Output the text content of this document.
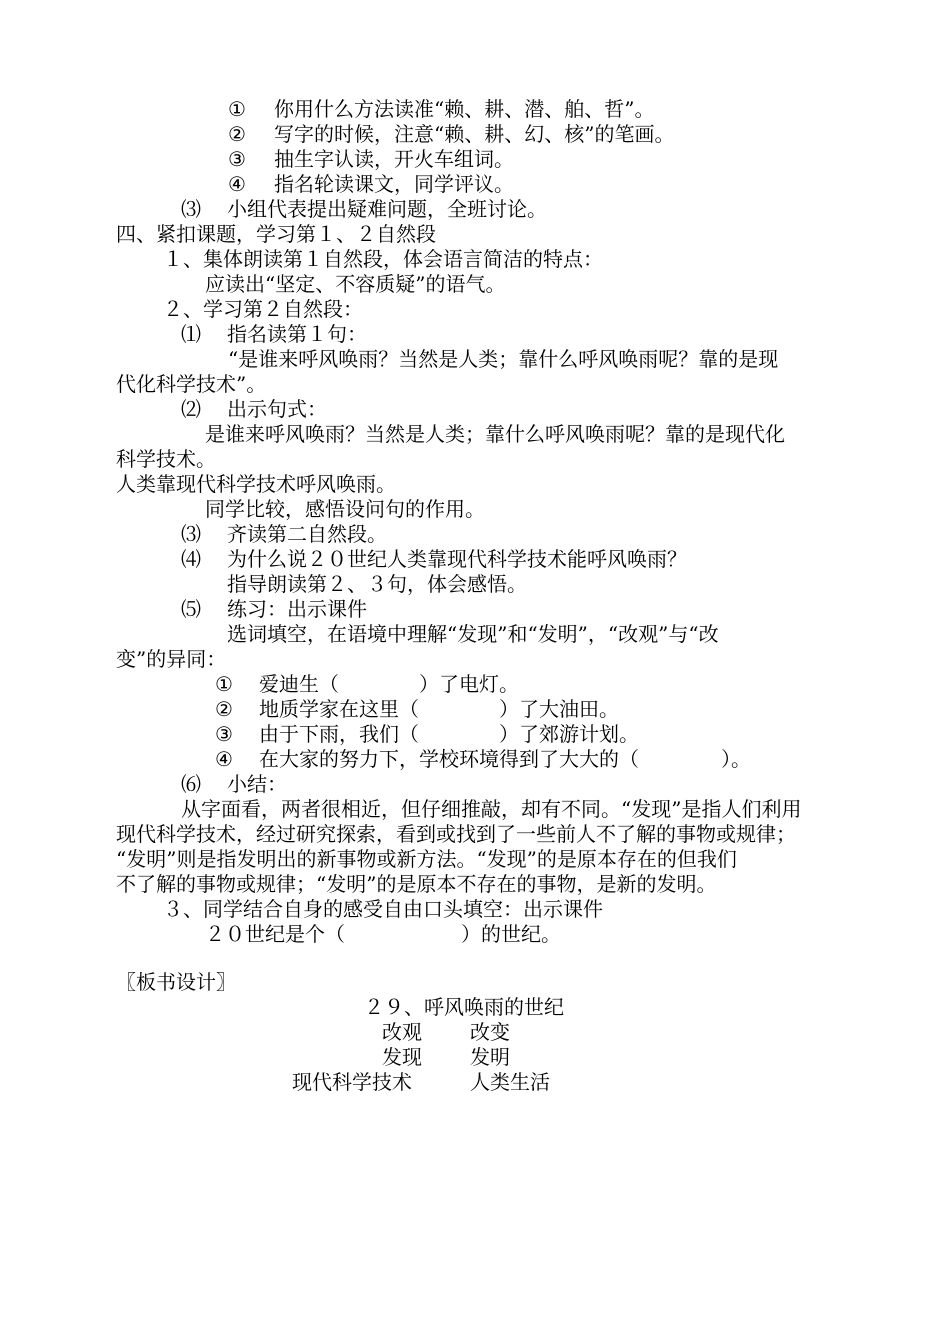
① 你用什么方法读准“赖、耕、潜、舶、哲”。
② 写字的时候，注意“赖、耕、幻、核”的笔画。
③ 抽生字认读，开火车组词。
④ 指名轮读课文，同学评议。
⑶ 小组代表提出疑难问题，全班讨论。
四、紧扣课题，学习第１、２自然段
１、集体朗读第１自然段，体会语言简洁的特点：
应读出“坚定、不容质疑”的语气。
２、学习第２自然段：
⑴ 指名读第１句：
“是谁来呼风唤雨？当然是人类；靠什么呼风唤雨呢？靠的是现
代化科学技术”。
⑵ 出示句式：
是谁来呼风唤雨？当然是人类；靠什么呼风唤雨呢？靠的是现代化
科学技术。
人类靠现代科学技术呼风唤雨。
同学比较，感悟设问句的作用。
⑶ 齐读第二自然段。
⑷ 为什么说２０世纪人类靠现代科学技术能呼风唤雨？
指导朗读第２、３句，体会感悟。
⑸ 练习：出示课件
选词填空，在语境中理解“发现”和“发明”，“改观”与“改
变”的异同：
① 爱迪生（	）了电灯。
② 地质学家在这里（	）了大油田。
③ 由于下雨，我们（	）了郊游计划。
④ 在大家的努力下，学校环境得到了大大的（	）。
⑹ 小结：
从字面看，两者很相近，但仔细推敲，却有不同。“发现”是指人们利用
现代科学技术，经过研究探索，看到或找到了一些前人不了解的事物或规律；
“发明”则是指发明出的新事物或新方法。“发现”的是原本存在的但我们
不了解的事物或规律；“发明”的是原本不存在的事物，是新的发明。
３、同学结合自身的感受自由口头填空：出示课件
２０世纪是个（	）的世纪。
〖板书设计〗
２９、呼风唤雨的世纪
改观 改变
发现 发明
现代科学技术	人类生活
